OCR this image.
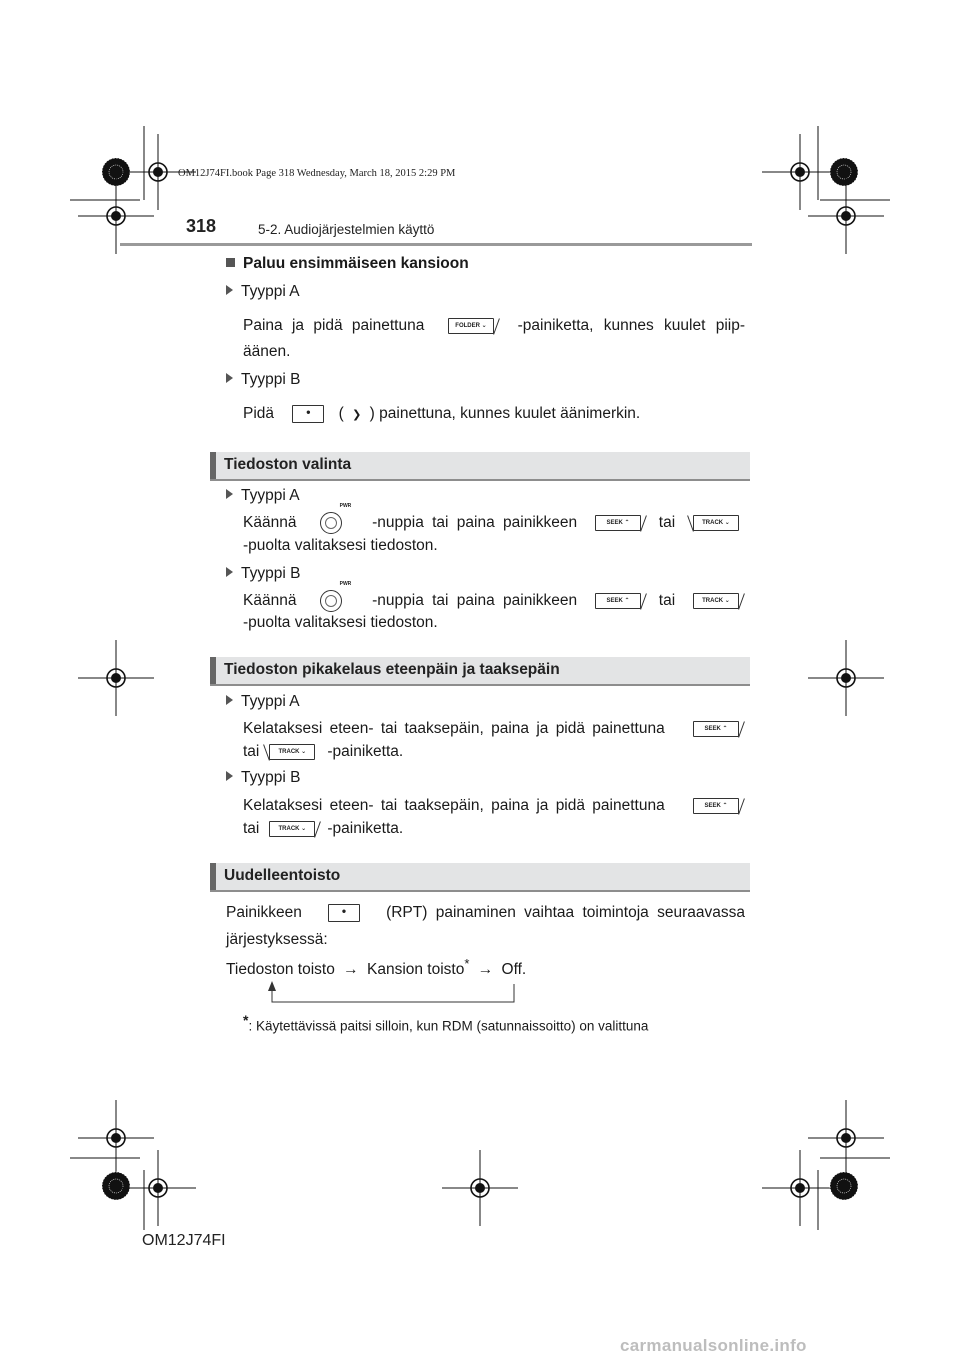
OM12J74FI.book Page 318 Wednesday, March 18, 2015 2:29 PM
318	5-2. Audiojärjestelmien käyttö
Paluu ensimmäiseen kansioon
Tyyppi A
Paina ja pidä painettuna	FOLDER ⌄	-painiketta, kunnes kuulet piip-
äänen.
Tyyppi B
Pidä	• ( ❯ ) painettuna, kunnes kuulet äänimerkin.
Tiedoston valinta
Tyyppi A
Käännä
PWR
-nuppia tai paina painikkeen	SEEK ⌃	tai	TRACK ⌄
-puolta valitaksesi tiedoston.
Tyyppi B
Käännä
PWR
-nuppia tai paina painikkeen	SEEK ⌃	tai	TRACK ⌄
-puolta valitaksesi tiedoston.
Tiedoston pikakelaus eteenpäin ja taaksepäin
Tyyppi A
Kelataksesi eteen- tai taaksepäin, paina ja pidä painettuna	SEEK ⌃
tai	TRACK ⌄	-painiketta.
Tyyppi B
Kelataksesi eteen- tai taaksepäin, paina ja pidä painettuna	SEEK ⌃
tai	TRACK ⌄	-painiketta.
Uudelleentoisto
Painikkeen	•	(RPT) painaminen vaihtaa toimintoja seuraavassa
järjestyksessä:
Tiedoston toisto → Kansion toisto* → Off.
*: Käytettävissä paitsi silloin, kun RDM (satunnaissoitto) on valittuna
OM12J74FI
carmanualsonline.info
